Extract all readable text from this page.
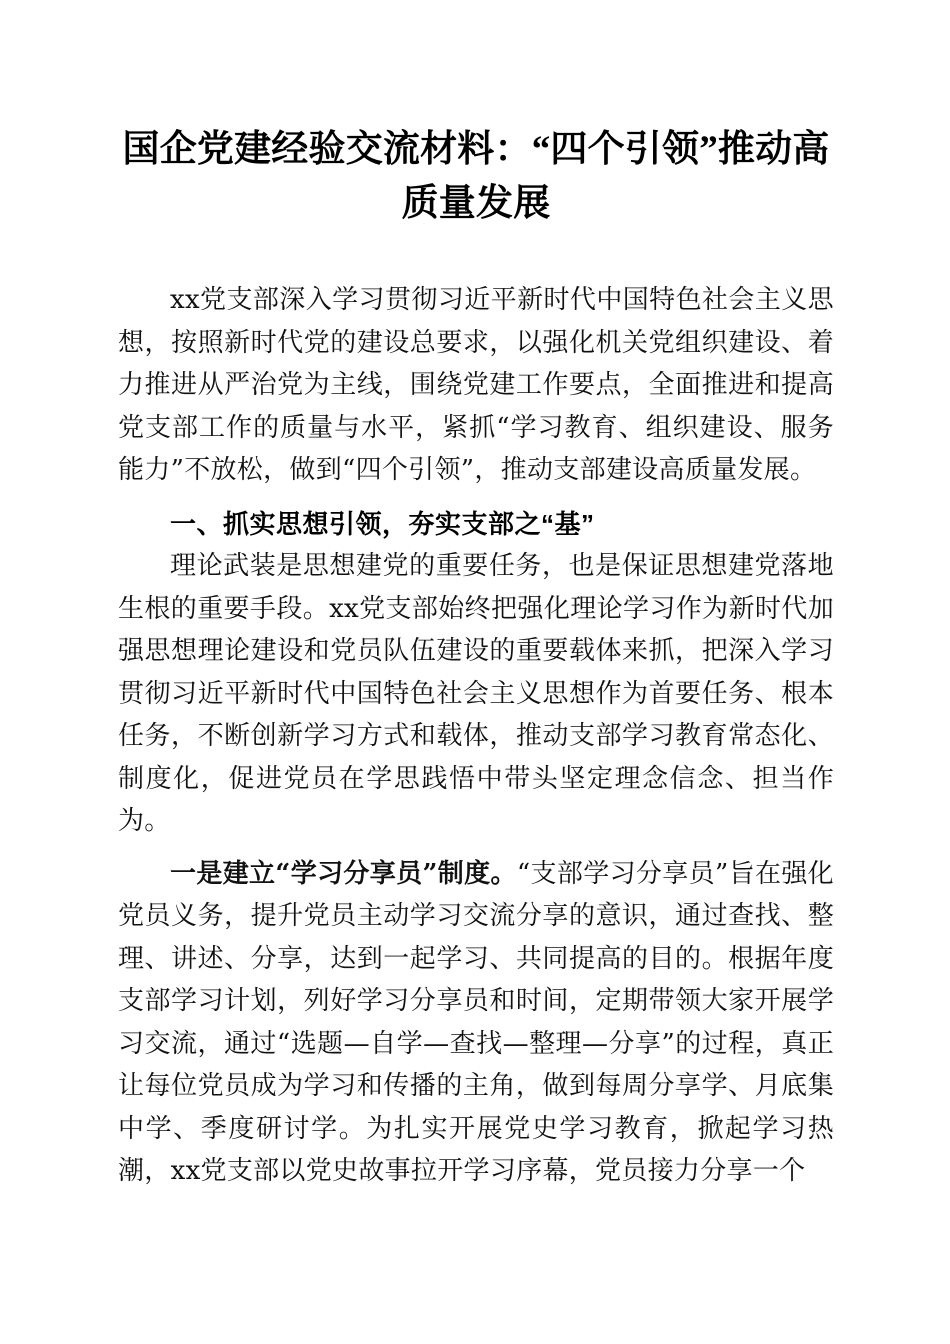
国企党建经验交流材料：“四个引领”推动高质量发展

xx党支部深入学习贯彻习近平新时代中国特色社会主义思想，按照新时代党的建设总要求，以强化机关党组织建设、着力推进从严治党为主线，围绕党建工作要点，全面推进和提高党支部工作的质量与水平，紧抓“学习教育、组织建设、服务能力”不放松，做到“四个引领”，推动支部建设高质量发展。

一、抓实思想引领，夯实支部之“基”

理论武装是思想建党的重要任务，也是保证思想建党落地生根的重要手段。xx党支部始终把强化理论学习作为新时代加强思想理论建设和党员队伍建设的重要载体来抓，把深入学习贯彻习近平新时代中国特色社会主义思想作为首要任务、根本任务，不断创新学习方式和载体，推动支部学习教育常态化、制度化，促进党员在学思践悟中带头坚定理念信念、担当作为。

一是建立“学习分享员”制度。“支部学习分享员”旨在强化党员义务，提升党员主动学习交流分享的意识，通过查找、整理、讲述、分享，达到一起学习、共同提高的目的。根据年度支部学习计划，列好学习分享员和时间，定期带领大家开展学习交流，通过“选题—自学—查找—整理—分享”的过程，真正让每位党员成为学习和传播的主角，做到每周分享学、月底集中学、季度研讨学。为扎实开展党史学习教育，掀起学习热潮，xx党支部以党史故事拉开学习序幕，党员接力分享一个
